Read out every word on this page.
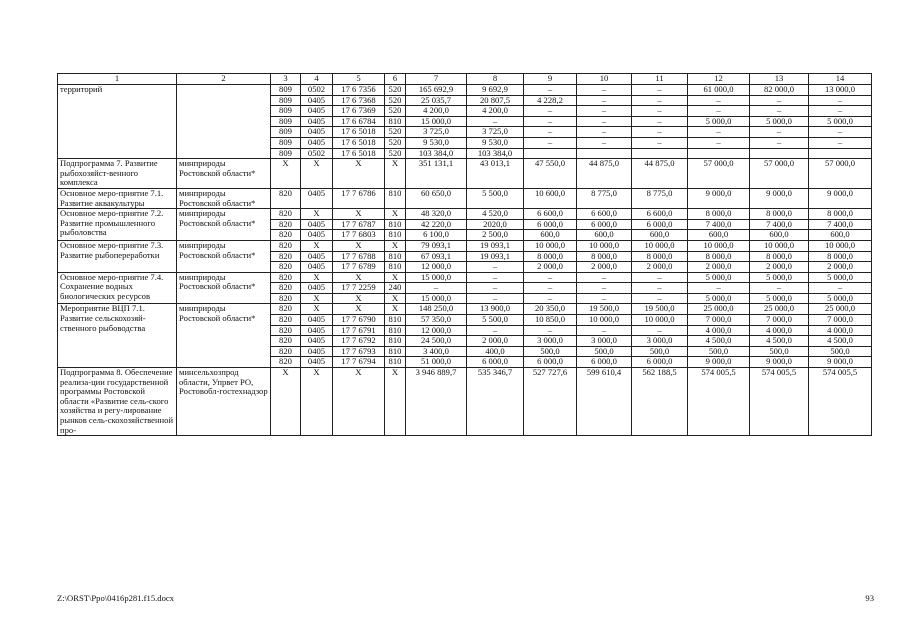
1	2	3	4	5	6	7	8	9	10	11	12	13	14
территорий		809	0502	17 6 7356	520	165 692,9	9 692,9	–	–	–	61 000,0	82 000,0	13 000,0
		809	0405	17 6 7368	520	25 035,7	20 807,5	4 228,2	–	–	–	–	–
		809	0405	17 6 7369	520	4 200,0	4 200,0	–	–	–	–	–	–
		809	0405	17 6 6784	810	15 000,0	–	–	–	–	5 000,0	5 000,0	5 000,0
		809	0405	17 6 5018	520	3 725,0	3 725,0	–	–	–	–	–	–
		809	0405	17 6 5018	520	9 530,0	9 530,0	–	–	–	–	–	–
		809	0502	17 6 5018	520	103 384,0	103 384,0						
Подпрограмма 7. Развитие рыбохозяйст-венного комплекса	минприроды Ростовской области*	Х	Х	Х	Х	351 131,1	43 013,1	47 550,0	44 875,0	44 875,0	57 000,0	57 000,0	57 000,0
Основное меро-приятие 7.1. Развитие аквакультуры	минприроды Ростовской области*	820	0405	17 7 6786	810	60 650,0	5 500,0	10 600,0	8 775,0	8 775,0	9 000,0	9 000,0	9 000,0
Основное меро-приятие 7.2. Развитие промышленного рыболовства	минприроды Ростовской области*	820	Х	Х	Х	48 320,0	4 520,0	6 600,0	6 600,0	6 600,0	8 000,0	8 000,0	8 000,0
		820	0405	17 7 6787	810	42 220,0	2020,0	6 000,0	6 000,0	6 000,0	7 400,0	7 400,0	7 400,0
		820	0405	17 7 6803	810	6 100,0	2 500,0	600,0	600,0	600,0	600,0	600,0	600,0
Основное меро-приятие 7.3. Развитие рыбопереработки	минприроды Ростовской области*	820	Х	Х	Х	79 093,1	19 093,1	10 000,0	10 000,0	10 000,0	10 000,0	10 000,0	10 000,0
		820	0405	17 7 6788	810	67 093,1	19 093,1	8 000,0	8 000,0	8 000,0	8 000,0	8 000,0	8 000,0
		820	0405	17 7 6789	810	12 000,0	–	2 000,0	2 000,0	2 000,0	2 000,0	2 000,0	2 000,0
Основное меро-приятие 7.4. Сохранение водных биологических ресурсов	минприроды Ростовской области*	820	Х	Х	Х	15 000,0	–	–	–	–	5 000,0	5 000,0	5 000,0
		820	0405	17 7 2259	240	–	–	–	–	–	–	–	–
		820	Х	Х	Х	15 000,0	–	–	–	–	5 000,0	5 000,0	5 000,0
Мероприятие ВЦП 7.1. Развитие сельскохозяй-ственного рыбоводства	минприроды Ростовской области*	820	Х	Х	Х	148 250,0	13 900,0	20 350,0	19 500,0	19 500,0	25 000,0	25 000,0	25 000,0
		820	0405	17 7 6790	810	57 350,0	5 500,0	10 850,0	10 000,0	10 000,0	7 000,0	7 000,0	7 000,0
		820	0405	17 7 6791	810	12 000,0	–	–	–	–	4 000,0	4 000,0	4 000,0
		820	0405	17 7 6792	810	24 500,0	2 000,0	3 000,0	3 000,0	3 000,0	4 500,0	4 500,0	4 500,0
		820	0405	17 7 6793	810	3 400,0	400,0	500,0	500,0	500,0	500,0	500,0	500,0
		820	0405	17 7 6794	810	51 000,0	6 000,0	6 000,0	6 000,0	6 000,0	9 000,0	9 000,0	9 000,0
Подпрограмма 8. Обеспечение реализа-ции государственной программы Ростовской области «Развитие сель-ского хозяйства и регу-лирование рынков сель-скохозяйственной про-	минсельхозпрод области, Упрвет РО, Ростовобл-гостехнадзор	Х	Х	Х	Х	3 946 889,7	535 346,7	527 727,6	599 610,4	562 188,5	574 005,5	574 005,5	574 005,5
Z:\ORST\Ppo\0416p281.f15.docx	93
